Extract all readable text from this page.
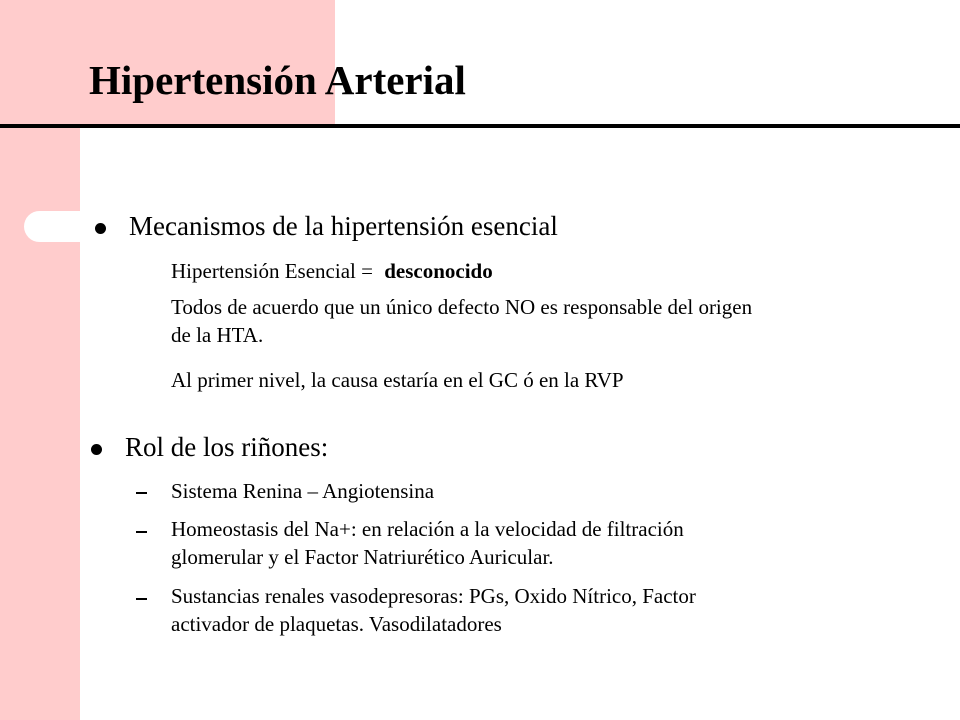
Hipertensión Arterial
Mecanismos de la hipertensión esencial
Hipertensión Esencial = desconocido
Todos de acuerdo que un único defecto NO es responsable del origen
de la HTA.
Al primer nivel, la causa estaría en el GC ó en la RVP
Rol de los riñones:
Sistema Renina – Angiotensina
Homeostasis del Na+: en relación a la velocidad de filtración
glomerular y el Factor Natriurético Auricular.
Sustancias renales vasodepresoras: PGs, Oxido Nítrico, Factor
activador de plaquetas. Vasodilatadores
